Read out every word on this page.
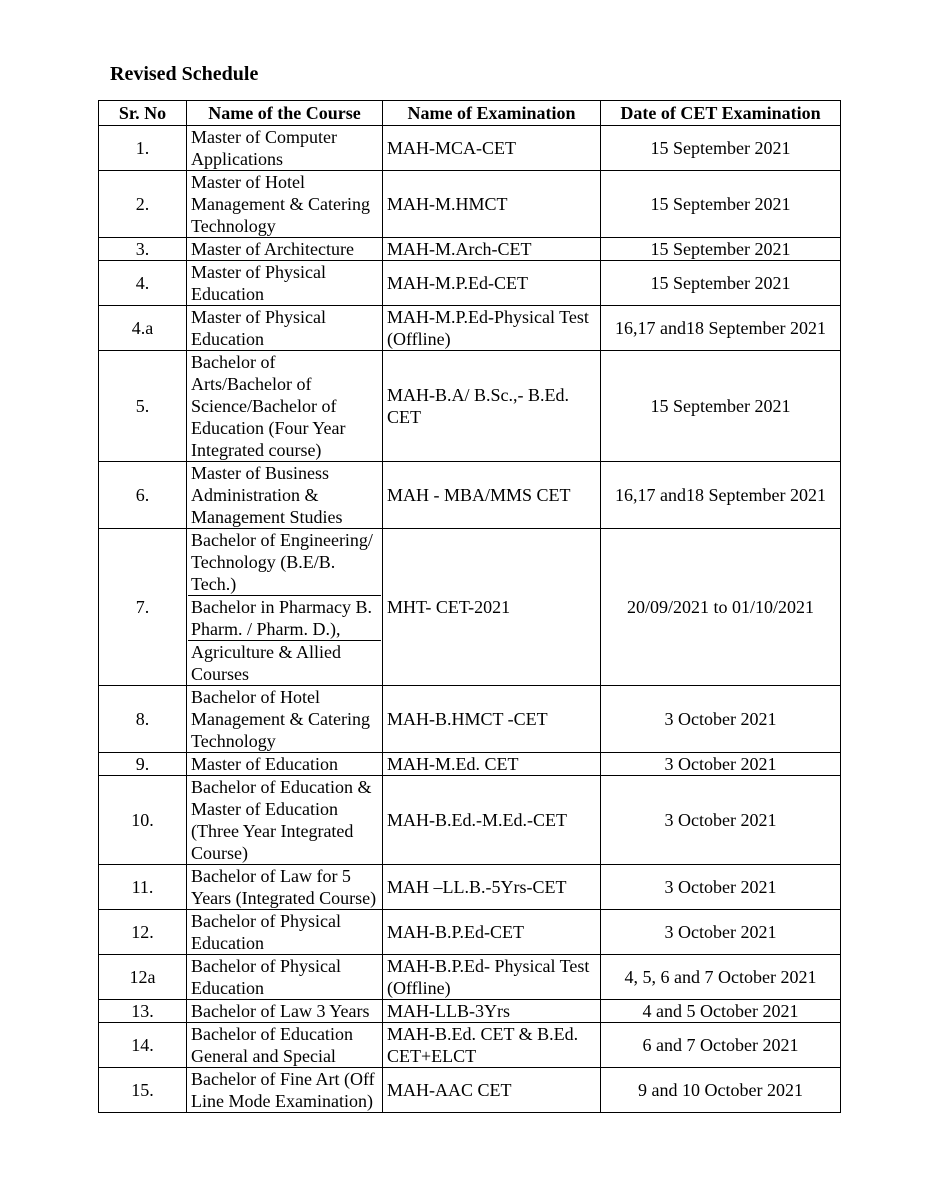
Revised Schedule
Sr. No	Name of the Course	Name of Examination	Date of CET Examination
1.	Master of Computer Applications	MAH-MCA-CET	15 September 2021
2.	Master of Hotel Management & Catering Technology	MAH-M.HMCT	15 September 2021
3.	Master of Architecture	MAH-M.Arch-CET	15 September 2021
4.	Master of Physical Education	MAH-M.P.Ed-CET	15 September 2021
4.a	Master of Physical Education	MAH-M.P.Ed-Physical Test (Offline)	16,17 and18 September 2021
5.	Bachelor of Arts/Bachelor of Science/Bachelor of Education (Four Year Integrated course)	MAH-B.A/ B.Sc.,- B.Ed. CET	15 September 2021
6.	Master of Business Administration & Management Studies	MAH - MBA/MMS CET	16,17 and18 September 2021
7.	Bachelor of Engineering/ Technology (B.E/B. Tech.)
Bachelor in Pharmacy B. Pharm. / Pharm. D.),
Agriculture & Allied Courses	MHT- CET-2021	20/09/2021 to 01/10/2021
8.	Bachelor of Hotel Management & Catering Technology	MAH-B.HMCT -CET	3 October 2021
9.	Master of Education	MAH-M.Ed. CET	3 October 2021
10.	Bachelor of Education & Master of Education (Three Year Integrated Course)	MAH-B.Ed.-M.Ed.-CET	3 October 2021
11.	Bachelor of Law for 5 Years (Integrated Course)	MAH –LL.B.-5Yrs-CET	3 October 2021
12.	Bachelor of Physical Education	MAH-B.P.Ed-CET	3 October 2021
12a	Bachelor of Physical Education	MAH-B.P.Ed- Physical Test (Offline)	4, 5, 6 and 7 October 2021
13.	Bachelor of Law 3 Years	MAH-LLB-3Yrs	4 and 5 October 2021
14.	Bachelor of Education General and Special	MAH-B.Ed. CET & B.Ed. CET+ELCT	6 and 7 October 2021
15.	Bachelor of Fine Art (Off Line Mode Examination)	MAH-AAC CET	9 and 10 October 2021
